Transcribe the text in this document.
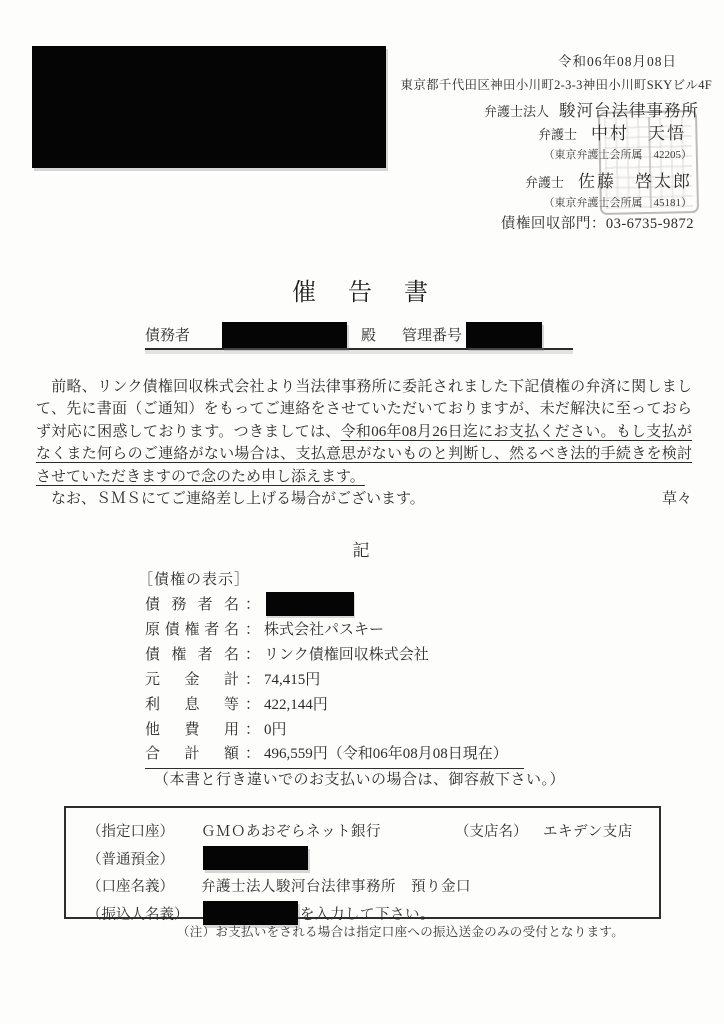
令和06年08月08日
東京都千代田区神田小川町2-3-3神田小川町SKYビル4F
弁護士法人 駿河台法律事務所
弁護士 中村　天悟
（東京弁護士会所属　42205）
弁護士 佐藤　啓太郎
（東京弁護士会所属　45181）
債権回収部門：03-6735-9872
催　告　書
債務者	殿 管理番号

　前略、リンク債権回収株式会社より当法律事務所に委託されました下記債権の弁済に関しまして、先に書面（ご通知）をもってご連絡をさせていただいておりますが、未だ解決に至っておらず対応に困惑しております。つきましては、令和06年08月26日迄にお支払ください。もし支払がなくまた何らのご連絡がない場合は、支払意思がないものと判断し、然るべき法的手続きを検討させていただきますので念のため申し添えます。

　なお、ＳＭＳにてご連絡差し上げる場合がございます。	草々
記
［債権の表示］
債 務 者 名 ：
原 債 権 者 名 ： 株式会社パスキー
債 権 者 名 ： リンク債権回収株式会社
元 金 計 ： 74,415円
利 息 等 ： 422,144円
他 費 用 ： 0円
合 計 額 ： 496,559円（令和06年08月08日現在）
（本書と行き違いでのお支払いの場合は、御容赦下さい。）
（指定口座）	ＧＭＯあおぞらネット銀行	（支店名）	エキデン支店
（普通預金）
（口座名義）	弁護士法人駿河台法律事務所　預り金口
（振込人名義）	を入力して下さい。
（注）お支払いをされる場合は指定口座への振込送金のみの受付となります。
